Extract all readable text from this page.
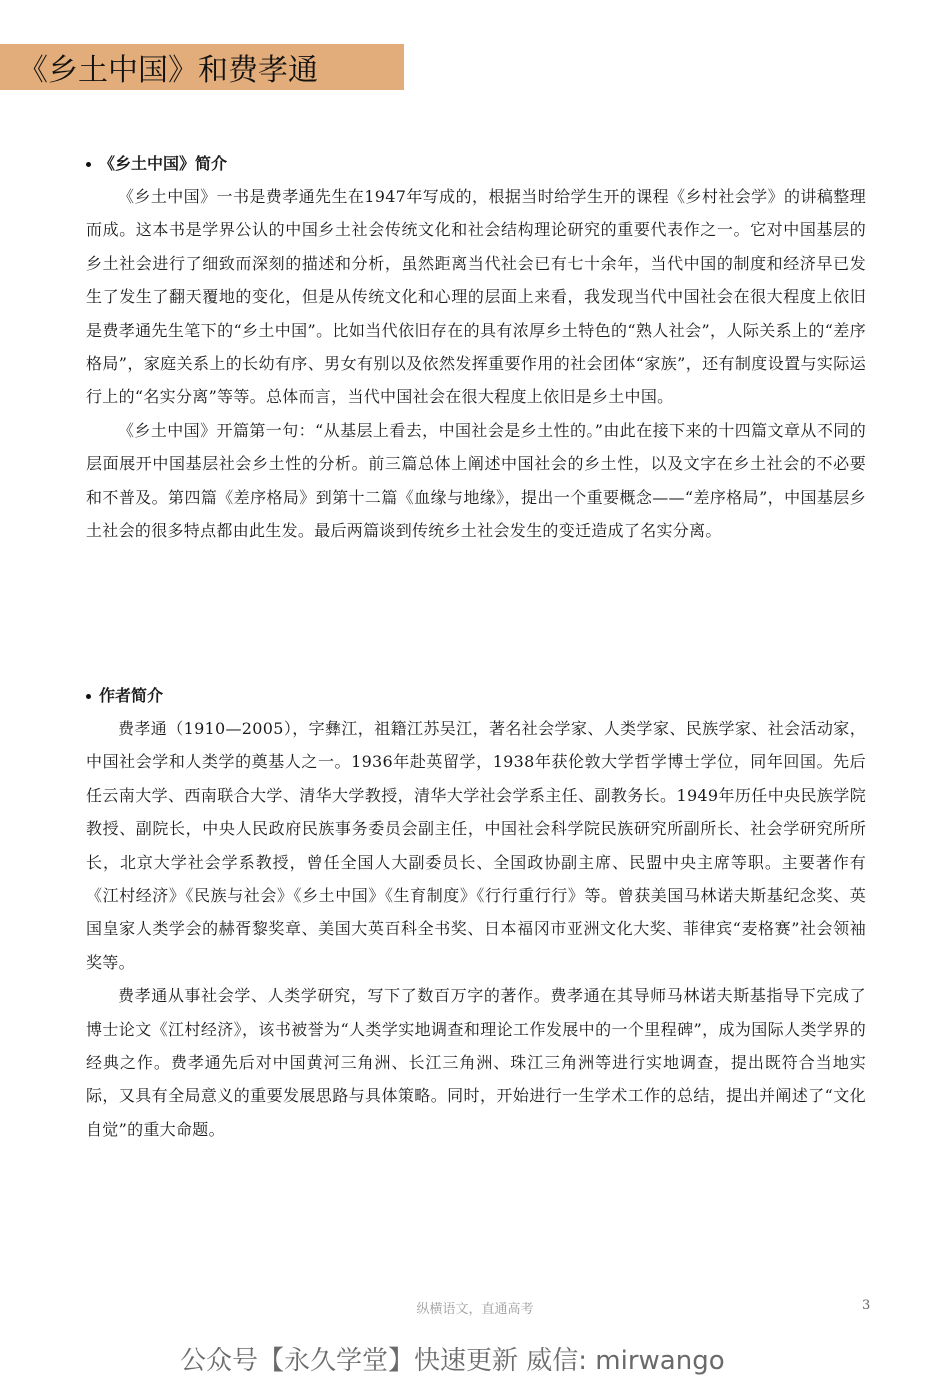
《乡土中国》和费孝通
《乡土中国》简介

《乡土中国》一书是费孝通先生在1947年写成的，根据当时给学生开的课程《乡村社会学》的讲稿整理而成。这本书是学界公认的中国乡土社会传统文化和社会结构理论研究的重要代表作之一。它对中国基层的乡土社会进行了细致而深刻的描述和分析，虽然距离当代社会已有七十余年，当代中国的制度和经济早已发生了发生了翻天覆地的变化，但是从传统文化和心理的层面上来看，我发现当代中国社会在很大程度上依旧是费孝通先生笔下的“乡土中国”。比如当代依旧存在的具有浓厚乡土特色的“熟人社会”，人际关系上的“差序格局”，家庭关系上的长幼有序、男女有别以及依然发挥重要作用的社会团体“家族”，还有制度设置与实际运行上的“名实分离”等等。总体而言，当代中国社会在很大程度上依旧是乡土中国。

《乡土中国》开篇第一句：“从基层上看去，中国社会是乡土性的。”由此在接下来的十四篇文章从不同的层面展开中国基层社会乡土性的分析。前三篇总体上阐述中国社会的乡土性，以及文字在乡土社会的不必要和不普及。第四篇《差序格局》到第十二篇《血缘与地缘》，提出一个重要概念——“差序格局”，中国基层乡土社会的很多特点都由此生发。最后两篇谈到传统乡土社会发生的变迁造成了名实分离。

作者简介

费孝通（1910—2005），字彝江，祖籍江苏吴江，著名社会学家、人类学家、民族学家、社会活动家，中国社会学和人类学的奠基人之一。1936年赴英留学，1938年获伦敦大学哲学博士学位，同年回国。先后任云南大学、西南联合大学、清华大学教授，清华大学社会学系主任、副教务长。1949年历任中央民族学院教授、副院长，中央人民政府民族事务委员会副主任，中国社会科学院民族研究所副所长、社会学研究所所长，北京大学社会学系教授，曾任全国人大副委员长、全国政协副主席、民盟中央主席等职。主要著作有《江村经济》《民族与社会》《乡土中国》《生育制度》《行行重行行》等。曾获美国马林诺夫斯基纪念奖、英国皇家人类学会的赫胥黎奖章、美国大英百科全书奖、日本福冈市亚洲文化大奖、菲律宾“麦格赛”社会领袖奖等。

费孝通从事社会学、人类学研究，写下了数百万字的著作。费孝通在其导师马林诺夫斯基指导下完成了博士论文《江村经济》，该书被誉为“人类学实地调查和理论工作发展中的一个里程碑”，成为国际人类学界的经典之作。费孝通先后对中国黄河三角洲、长江三角洲、珠江三角洲等进行实地调查，提出既符合当地实际，又具有全局意义的重要发展思路与具体策略。同时，开始进行一生学术工作的总结，提出并阐述了“文化自觉”的重大命题。

纵横语文，直通高考	3
公众号【永久学堂】快速更新 威信: mirwango
